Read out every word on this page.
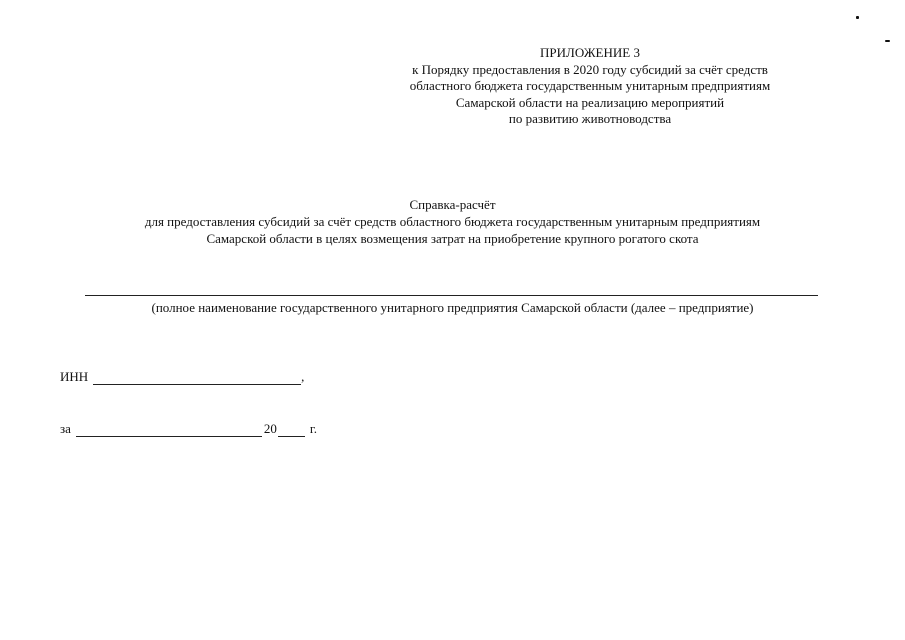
ПРИЛОЖЕНИЕ 3
к Порядку предоставления в 2020 году субсидий за счёт средств
областного бюджета государственным унитарным предприятиям
Самарской области на реализацию мероприятий
по развитию животноводства
Справка-расчёт
для предоставления субсидий за счёт средств областного бюджета государственным унитарным предприятиям
Самарской области в целях возмещения затрат на приобретение крупного рогатого скота
(полное наименование государственного унитарного предприятия Самарской области (далее – предприятие)
ИНН	,
за	20	г.
